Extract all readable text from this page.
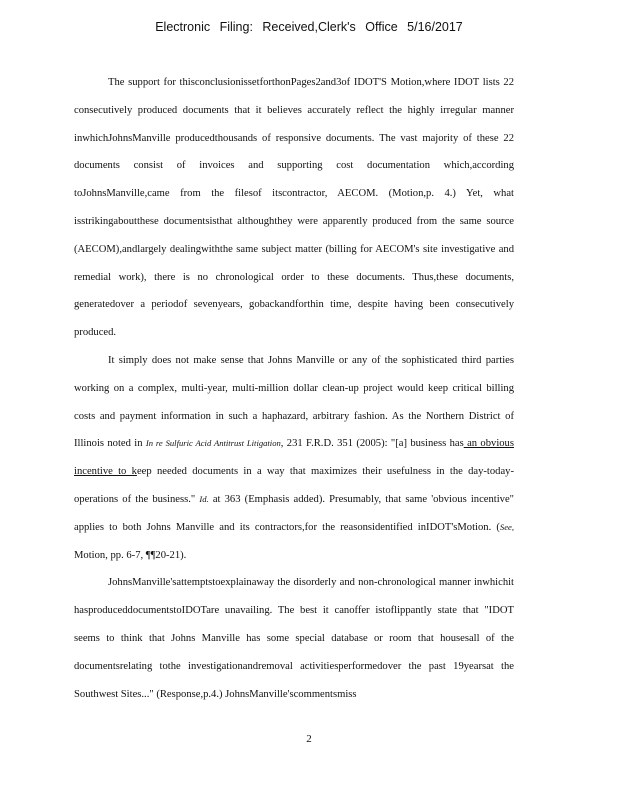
Electronic Filing: Received,Clerk's Office 5/16/2017

The support for thisconclusionissetforthonPages2and3of IDOT'S Motion,where IDOT lists 22 consecutively produced documents that it believes accurately reflect the highly irregular manner inwhichJohnsManville producedthousands of responsive documents. The vast majority of these 22 documents consist of invoices and supporting cost documentation which,according toJohnsManville,came from the filesof itscontractor, AECOM. (Motion,p. 4.) Yet, what isstrikingaboutthese documentsisthat althoughthey were apparently produced from the same source (AECOM),andlargely dealingwiththe same subject matter (billing for AECOM's site investigative and remedial work), there is no chronological order to these documents. Thus,these documents, generatedover a periodof sevenyears, gobackandforthin time, despite having been consecutively produced.

It simply does not make sense that Johns Manville or any of the sophisticated third parties working on a complex, multi-year, multi-million dollar clean-up project would keep critical billing costs and payment information in such a haphazard, arbitrary fashion. As the Northern District of Illinois noted in In re Sulfuric Acid Antitrust Litigation, 231 F.R.D. 351 (2005): "[a] business has an obvious incentive to keep needed documents in a way that maximizes their usefulness in the day-today-operations of the business." Id. at 363 (Emphasis added). Presumably, that same 'obvious incentive" applies to both Johns Manville and its contractors,for the reasonsidentified inIDOT'sMotion. (See, Motion, pp. 6-7, ¶¶20-21).

JohnsManville'sattemptstoexplainaway the disorderly and non-chronological manner inwhichit hasproduceddocumentstoIDOTare unavailing. The best it canoffer istoflippantly state that "IDOT seems to think that Johns Manville has some special database or room that housesall of the documentsrelating tothe investigationandremoval activitiesperformedover the past 19yearsat the Southwest Sites..." (Response,p.4.) JohnsManville'scommentsmiss

2
